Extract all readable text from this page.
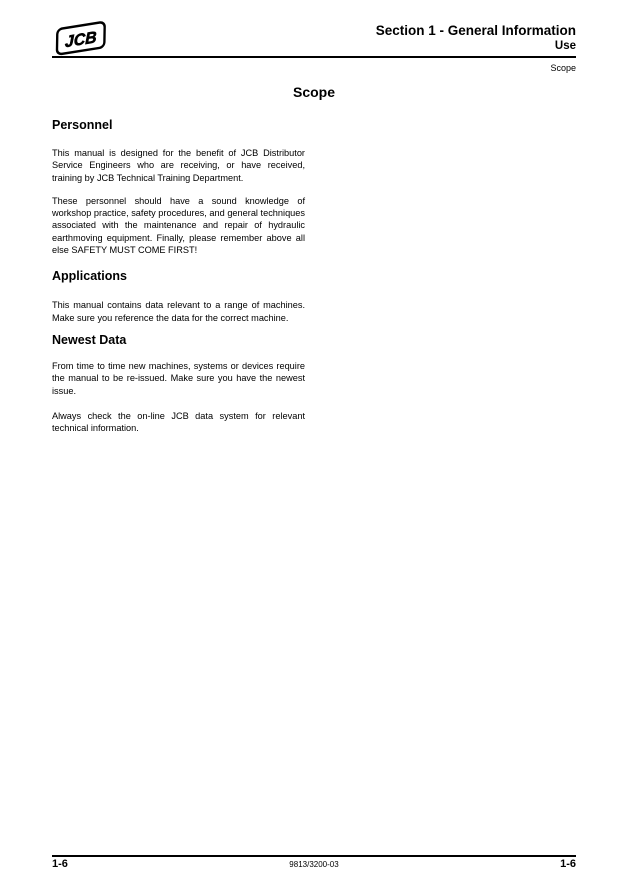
JCB	Section 1 - General Information
Use
Scope
Scope
Personnel

This manual is designed for the benefit of JCB Distributor Service Engineers who are receiving, or have received, training by JCB Technical Training Department.

These personnel should have a sound knowledge of workshop practice, safety procedures, and general techniques associated with the maintenance and repair of hydraulic earthmoving equipment. Finally, please remember above all else SAFETY MUST COME FIRST!

Applications

This manual contains data relevant to a range of machines. Make sure you reference the data for the correct machine.

Newest Data

From time to time new machines, systems or devices require the manual to be re-issued. Make sure you have the newest issue.

Always check the on-line JCB data system for relevant technical information.

1-6	9813/3200-03	1-6
